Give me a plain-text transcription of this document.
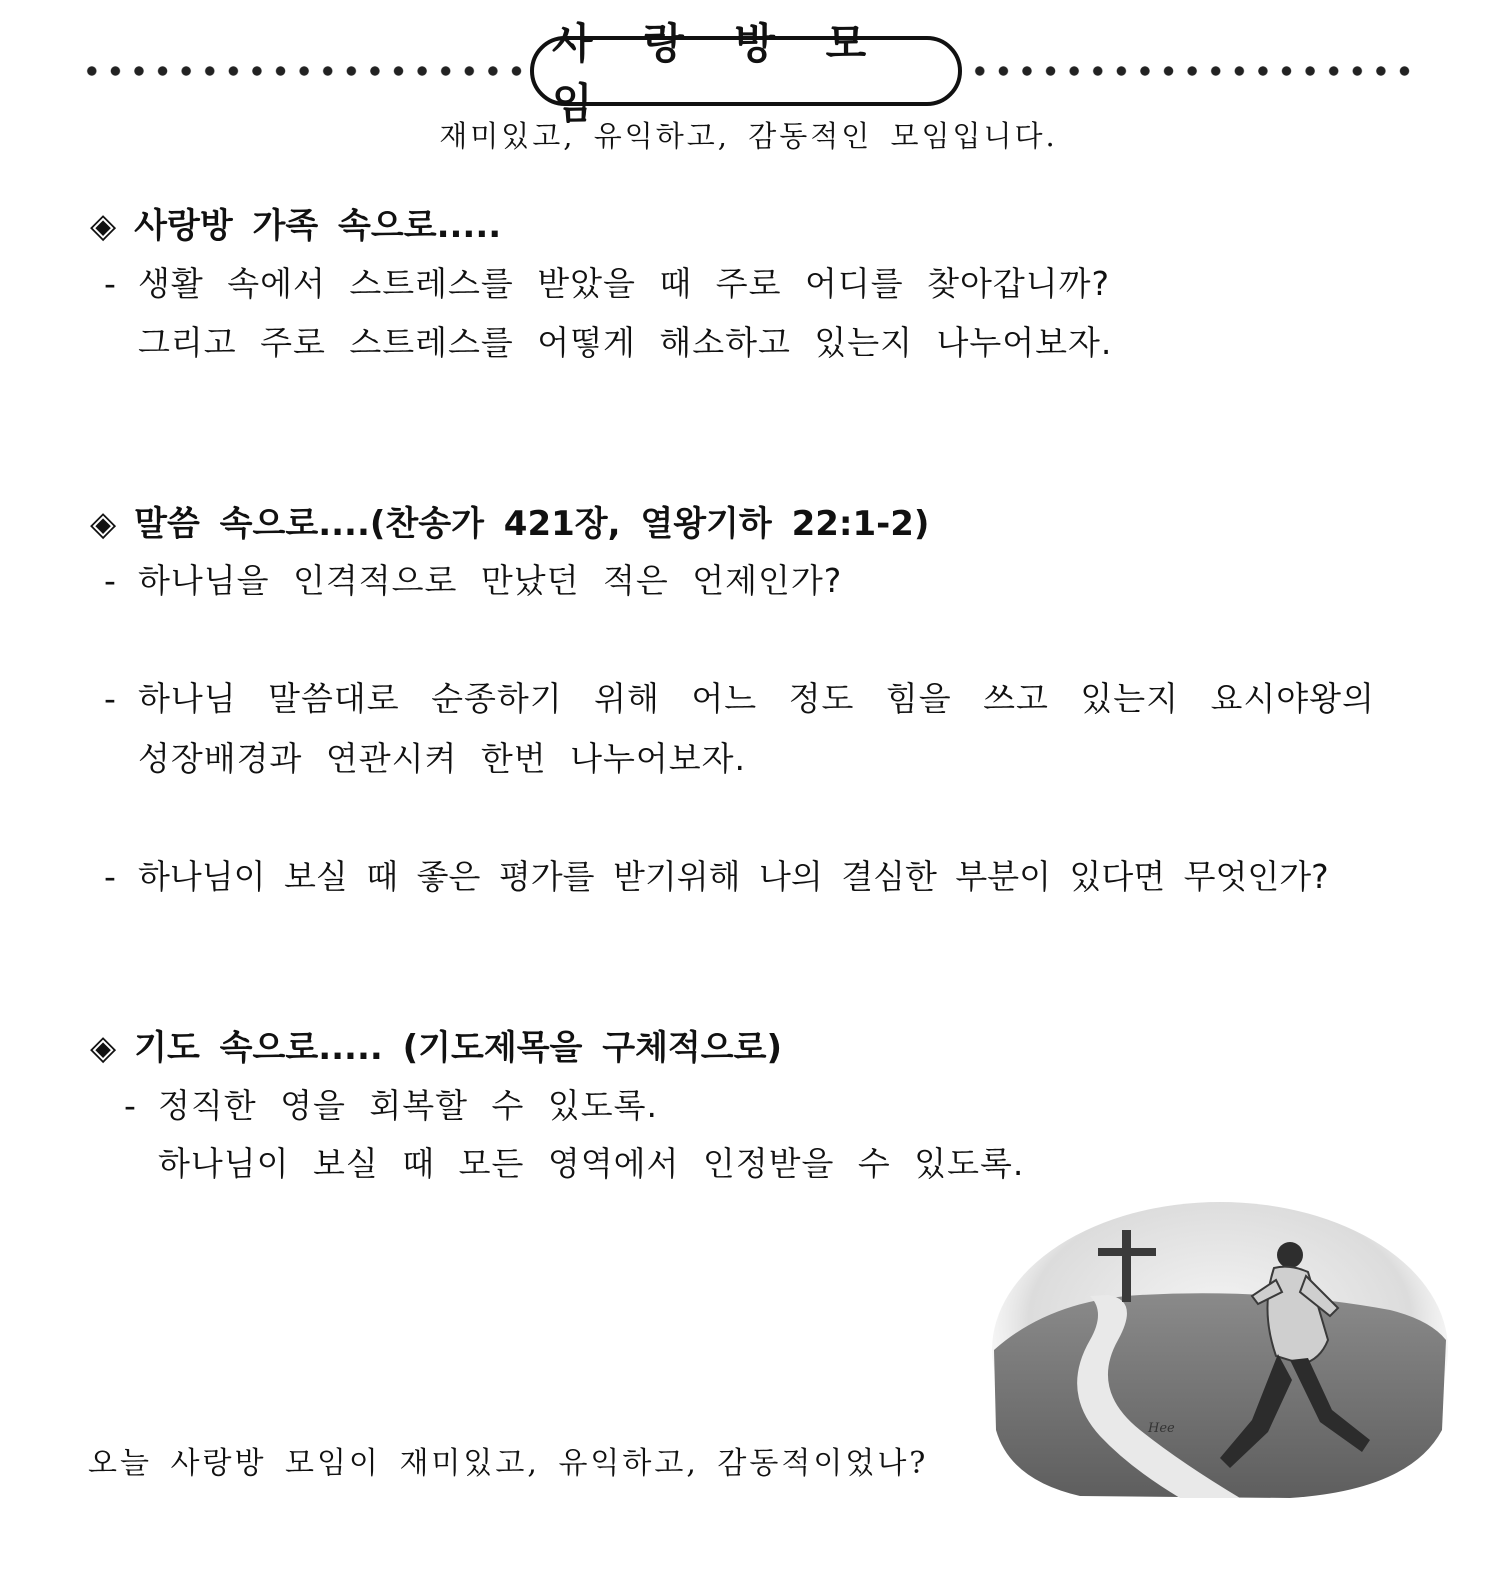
사 랑 방 모 임
재미있고, 유익하고, 감동적인 모임입니다.
◈ 사랑방 가족 속으로.....
- 생활 속에서 스트레스를 받았을 때 주로 어디를 찾아갑니까?
그리고 주로 스트레스를 어떻게 해소하고 있는지 나누어보자.
◈ 말씀 속으로....(찬송가 421장, 열왕기하 22:1-2)
- 하나님을 인격적으로 만났던 적은 언제인가?
- 하나님 말씀대로 순종하기 위해 어느 정도 힘을 쓰고 있는지 요시야왕의
성장배경과 연관시켜 한번 나누어보자.
- 하나님이 보실 때 좋은 평가를 받기위해 나의 결심한 부분이 있다면 무엇인가?
◈ 기도 속으로..... (기도제목을 구체적으로)
- 정직한 영을 회복할 수 있도록.
하나님이 보실 때 모든 영역에서 인정받을 수 있도록.
오늘 사랑방 모임이 재미있고, 유익하고, 감동적이었나?
Hee
